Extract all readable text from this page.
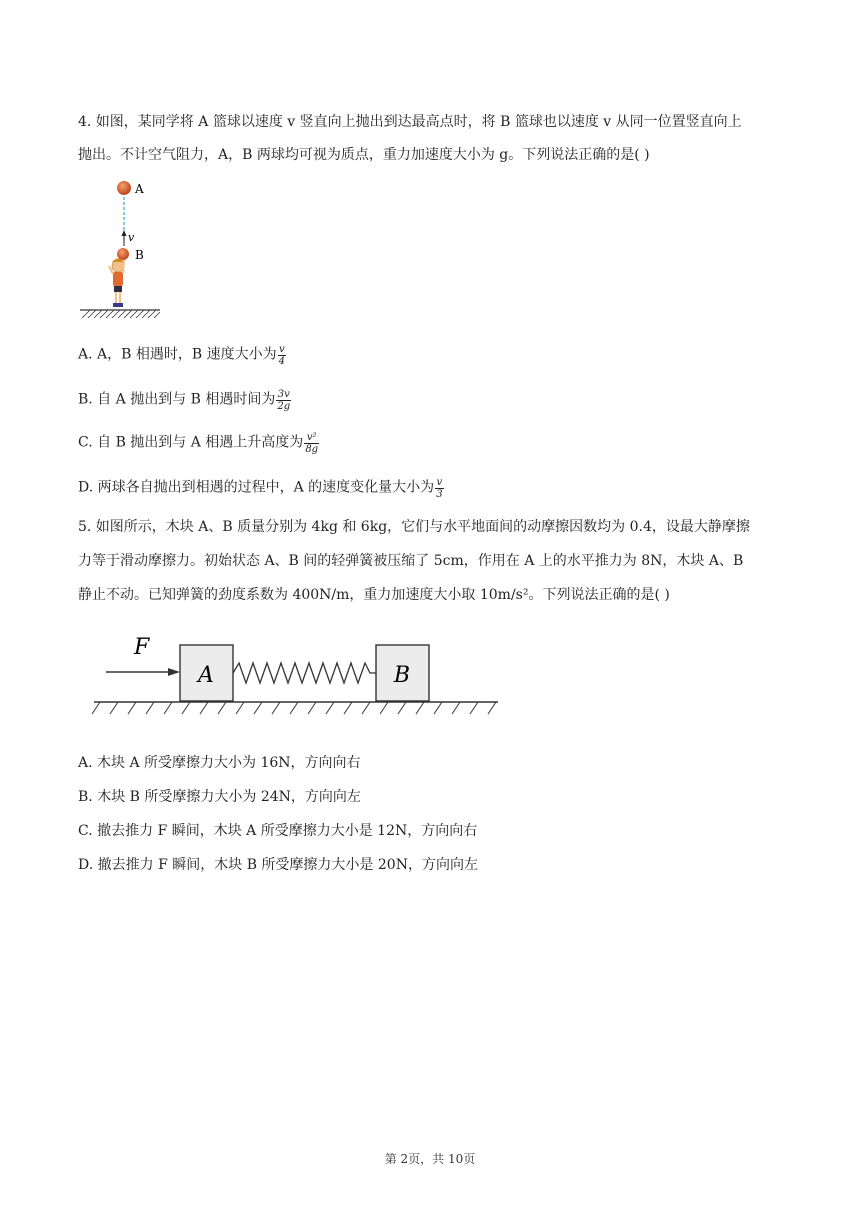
4. 如图，某同学将 A 篮球以速度 v 竖直向上抛出到达最高点时，将 B 篮球也以速度 v 从同一位置竖直向上
抛出。不计空气阻力，A，B 两球均可视为质点，重力加速度大小为 g。下列说法正确的是( )
A
v
B
A. A，B 相遇时，B 速度大小为 $\frac{v}{4}$
B. 自 A 抛出到与 B 相遇时间为 $\frac{3v}{2g}$
C. 自 B 抛出到与 A 相遇上升高度为 $\frac{\text{v²}}{8g}$
D. 两球各自抛出到相遇的过程中，A 的速度变化量大小为 $\frac{v}{3}$
5. 如图所示，木块 A、B 质量分别为 4kg 和 6kg，它们与水平地面间的动摩擦因数均为 0.4，设最大静摩擦
力等于滑动摩擦力。初始状态 A、B 间的轻弹簧被压缩了 5cm，作用在 A 上的水平推力为 8N，木块 A、B
静止不动。已知弹簧的劲度系数为 400N/m，重力加速度大小取 10m/s²。下列说法正确的是( )
F
A	B
A. 木块 A 所受摩擦力大小为 16N，方向向右
B. 木块 B 所受摩擦力大小为 24N，方向向左
C. 撤去推力 F 瞬间，木块 A 所受摩擦力大小是 12N，方向向右
D. 撤去推力 F 瞬间，木块 B 所受摩擦力大小是 20N，方向向左
第 2页，共 10页
